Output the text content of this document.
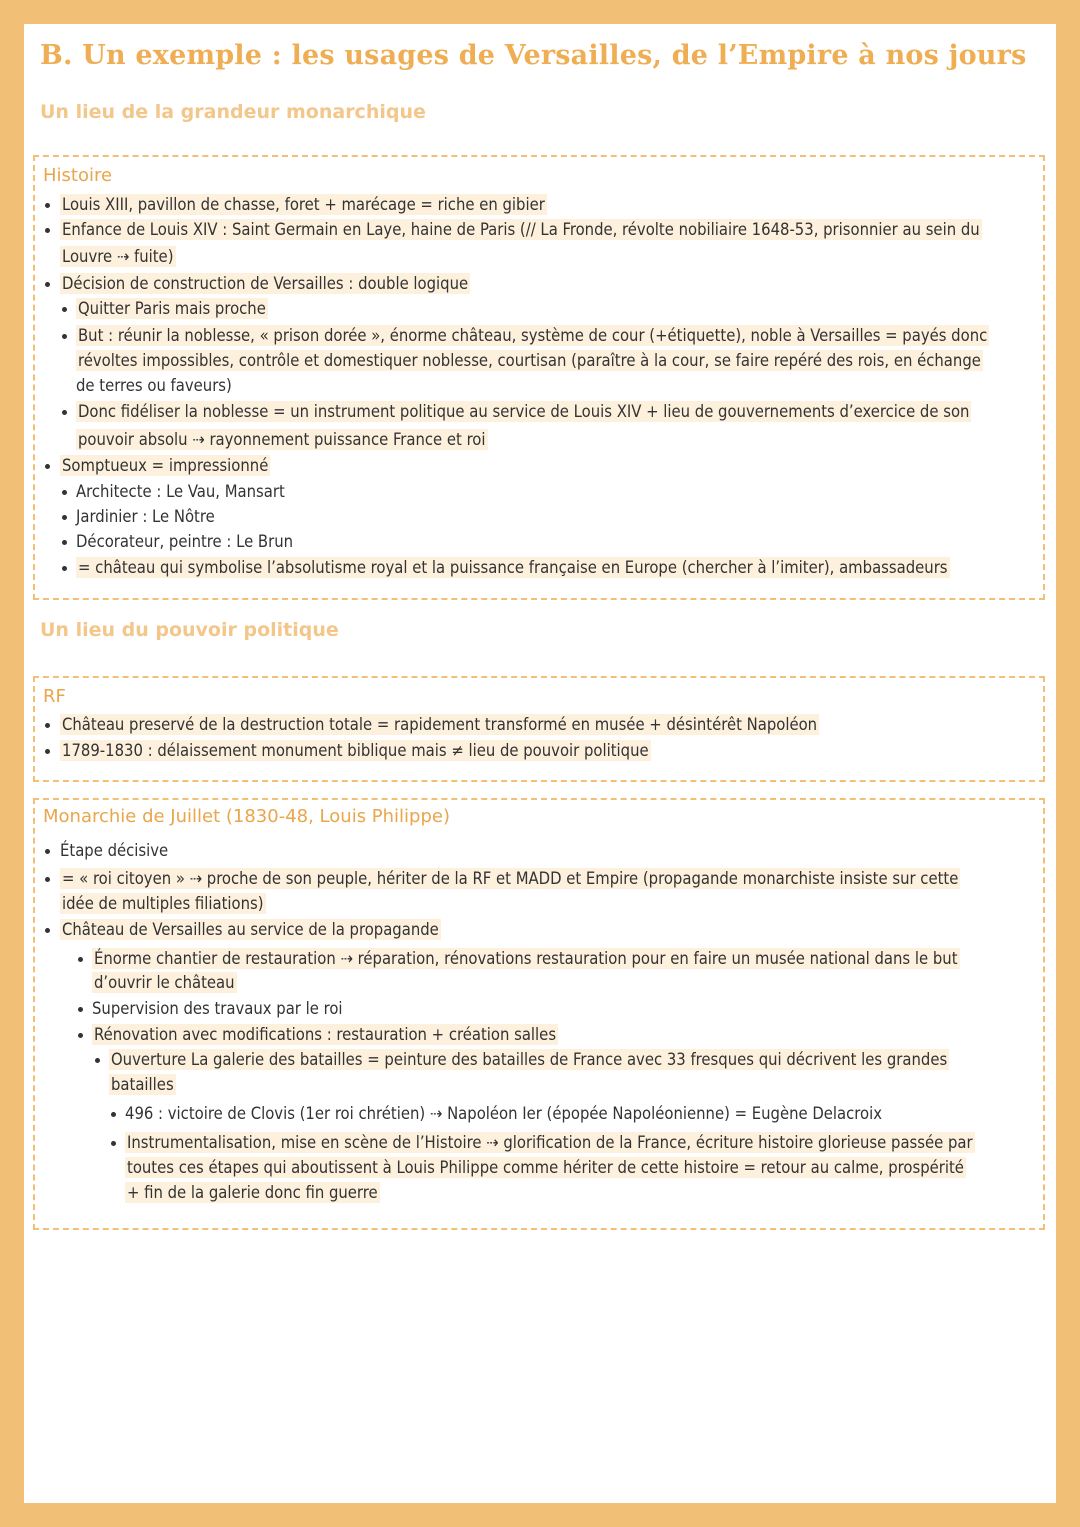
B. Un exemple : les usages de Versailles, de l’Empire à nos jours
Un lieu de la grandeur monarchique
Histoire
Louis XIII, pavillon de chasse, foret + marécage = riche en gibier
Enfance de Louis XIV : Saint Germain en Laye, haine de Paris (// La Fronde, révolte nobiliaire 1648-53, prisonnier au sein du
Louvre ⇢ fuite)
Décision de construction de Versailles : double logique
Quitter Paris mais proche
But : réunir la noblesse, « prison dorée », énorme château, système de cour (+étiquette), noble à Versailles = payés donc
révoltes impossibles, contrôle et domestiquer noblesse, courtisan (paraître à la cour, se faire repéré des rois, en échange
de terres ou faveurs)
Donc fidéliser la noblesse = un instrument politique au service de Louis XIV + lieu de gouvernements d’exercice de son
pouvoir absolu ⇢ rayonnement puissance France et roi
Somptueux = impressionné
Architecte : Le Vau, Mansart
Jardinier : Le Nôtre
Décorateur, peintre : Le Brun
= château qui symbolise l’absolutisme royal et la puissance française en Europe (chercher à l’imiter), ambassadeurs
Un lieu du pouvoir politique
RF
Château preservé de la destruction totale = rapidement transformé en musée + désintérêt Napoléon
1789-1830 : délaissement monument biblique mais ≠ lieu de pouvoir politique
Monarchie de Juillet (1830-48, Louis Philippe)
Étape décisive
= « roi citoyen » ⇢ proche de son peuple, hériter de la RF et MADD et Empire (propagande monarchiste insiste sur cette
idée de multiples filiations)
Château de Versailles au service de la propagande
Énorme chantier de restauration ⇢ réparation, rénovations restauration pour en faire un musée national dans le but
d’ouvrir le château
Supervision des travaux par le roi
Rénovation avec modifications : restauration + création salles
Ouverture La galerie des batailles = peinture des batailles de France avec 33 fresques qui décrivent les grandes
batailles
496 : victoire de Clovis (1er roi chrétien) ⇢ Napoléon Ier (épopée Napoléonienne) = Eugène Delacroix
Instrumentalisation, mise en scène de l’Histoire ⇢ glorification de la France, écriture histoire glorieuse passée par
toutes ces étapes qui aboutissent à Louis Philippe comme hériter de cette histoire = retour au calme, prospérité
+ fin de la galerie donc fin guerre
